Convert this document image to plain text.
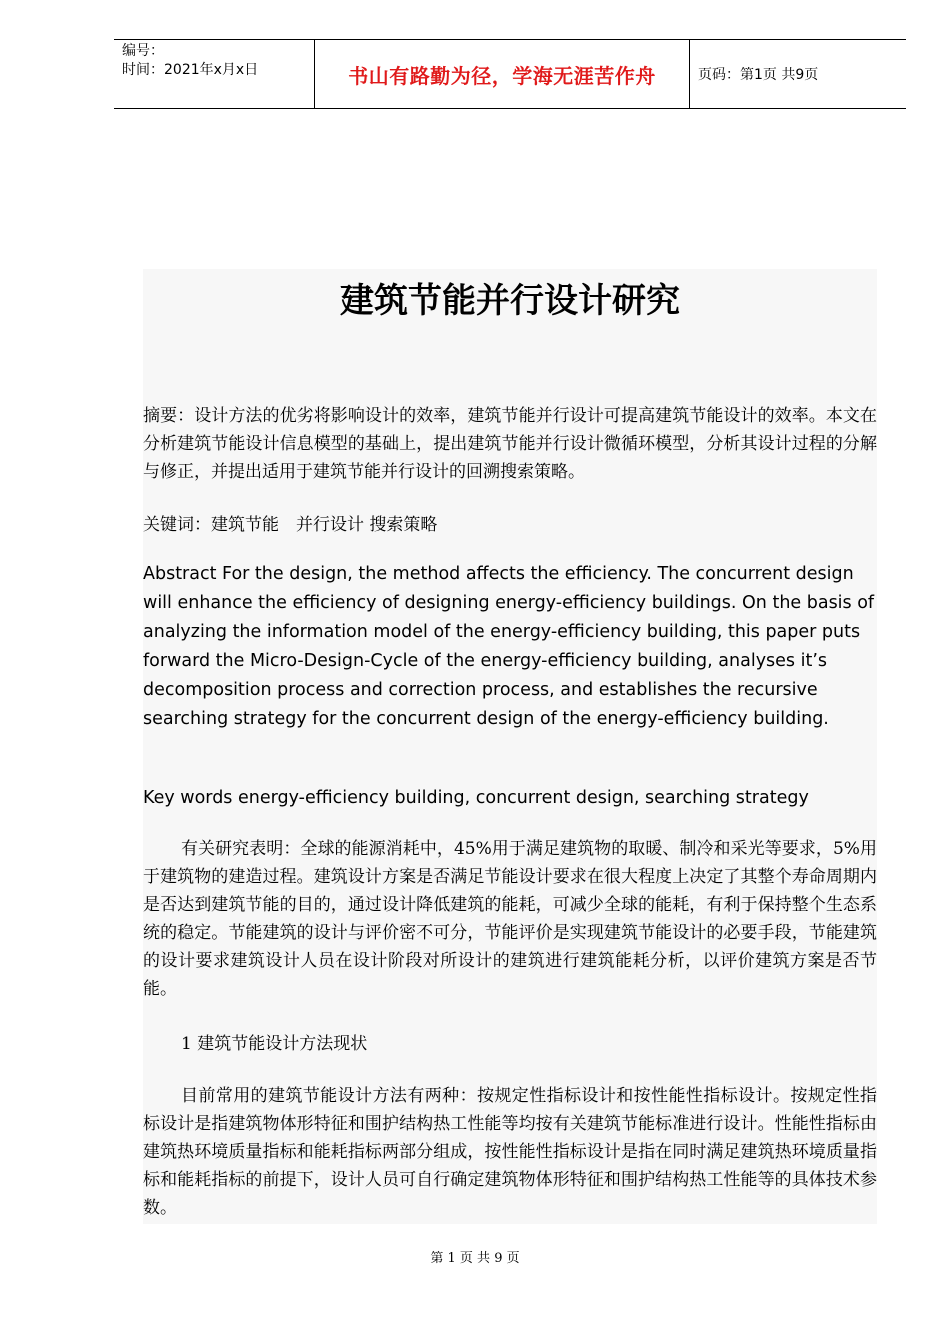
编号：
时间：2021年x月x日	书山有路勤为径，学海无涯苦作舟	页码：第1页 共9页
建筑节能并行设计研究

摘要：设计方法的优劣将影响设计的效率，建筑节能并行设计可提高建筑节能设计的效率。本文在分析建筑节能设计信息模型的基础上，提出建筑节能并行设计微循环模型，分析其设计过程的分解与修正，并提出适用于建筑节能并行设计的回溯搜索策略。

关键词：建筑节能　并行设计 搜索策略

Abstract For the design, the method affects the efficiency. The concurrent design will enhance the efficiency of designing energy-efficiency buildings. On the basis of analyzing the information model of the energy-efficiency building, this paper puts forward the Micro-Design-Cycle of the energy-efficiency building, analyses it’s decomposition process and correction process, and establishes the recursive searching strategy for the concurrent design of the energy-efficiency building.

Key words energy-efficiency building, concurrent design, searching strategy

有关研究表明：全球的能源消耗中，45%用于满足建筑物的取暖、制冷和采光等要求，5%用于建筑物的建造过程。建筑设计方案是否满足节能设计要求在很大程度上决定了其整个寿命周期内是否达到建筑节能的目的，通过设计降低建筑的能耗，可减少全球的能耗，有利于保持整个生态系统的稳定。节能建筑的设计与评价密不可分，节能评价是实现建筑节能设计的必要手段，节能建筑的设计要求建筑设计人员在设计阶段对所设计的建筑进行建筑能耗分析，以评价建筑方案是否节能。

1 建筑节能设计方法现状

目前常用的建筑节能设计方法有两种：按规定性指标设计和按性能性指标设计。按规定性指标设计是指建筑物体形特征和围护结构热工性能等均按有关建筑节能标准进行设计。性能性指标由建筑热环境质量指标和能耗指标两部分组成，按性能性指标设计是指在同时满足建筑热环境质量指标和能耗指标的前提下，设计人员可自行确定建筑物体形特征和围护结构热工性能等的具体技术参数。

第 1 页 共 9 页
